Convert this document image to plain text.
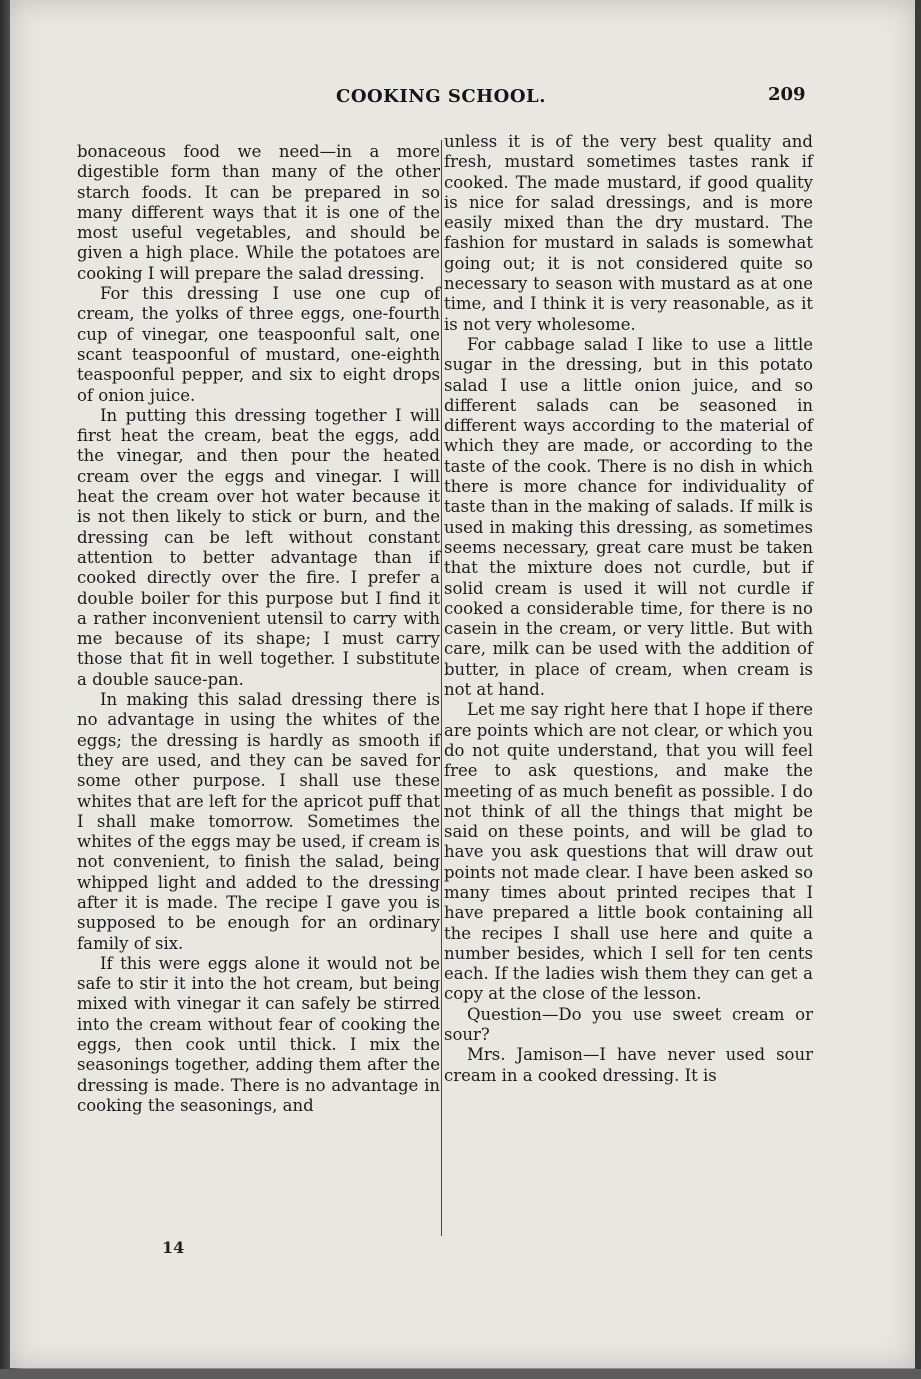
COOKING SCHOOL.	209

bonaceous food we need—in a more digestible form than many of the other starch foods. It can be prepared in so many different ways that it is one of the most useful vegetables, and should be given a high place. While the potatoes are cooking I will prepare the salad dressing.

For this dressing I use one cup of cream, the yolks of three eggs, one-fourth cup of vinegar, one teaspoonful salt, one scant teaspoonful of mustard, one-eighth teaspoonful pepper, and six to eight drops of onion juice.

In putting this dressing together I will first heat the cream, beat the eggs, add the vinegar, and then pour the heated cream over the eggs and vinegar. I will heat the cream over hot water because it is not then likely to stick or burn, and the dressing can be left without constant attention to better advantage than if cooked directly over the fire. I prefer a double boiler for this purpose but I find it a rather inconvenient utensil to carry with me because of its shape; I must carry those that fit in well together. I substitute a double sauce-pan.

In making this salad dressing there is no advantage in using the whites of the eggs; the dressing is hardly as smooth if they are used, and they can be saved for some other purpose. I shall use these whites that are left for the apricot puff that I shall make tomorrow. Sometimes the whites of the eggs may be used, if cream is not convenient, to finish the salad, being whipped light and added to the dressing after it is made. The recipe I gave you is supposed to be enough for an ordinary family of six.

If this were eggs alone it would not be safe to stir it into the hot cream, but being mixed with vinegar it can safely be stirred into the cream without fear of cooking the eggs, then cook until thick. I mix the seasonings together, adding them after the dressing is made. There is no advantage in cooking the seasonings, and

unless it is of the very best quality and fresh, mustard sometimes tastes rank if cooked. The made mustard, if good quality is nice for salad dressings, and is more easily mixed than the dry mustard. The fashion for mustard in salads is somewhat going out; it is not considered quite so necessary to season with mustard as at one time, and I think it is very reasonable, as it is not very wholesome.

For cabbage salad I like to use a little sugar in the dressing, but in this potato salad I use a little onion juice, and so different salads can be seasoned in different ways according to the material of which they are made, or according to the taste of the cook. There is no dish in which there is more chance for individuality of taste than in the making of salads. If milk is used in making this dressing, as sometimes seems necessary, great care must be taken that the mixture does not curdle, but if solid cream is used it will not curdle if cooked a considerable time, for there is no casein in the cream, or very little. But with care, milk can be used with the addition of butter, in place of cream, when cream is not at hand.

Let me say right here that I hope if there are points which are not clear, or which you do not quite understand, that you will feel free to ask questions, and make the meeting of as much benefit as possible. I do not think of all the things that might be said on these points, and will be glad to have you ask questions that will draw out points not made clear. I have been asked so many times about printed recipes that I have prepared a little book containing all the recipes I shall use here and quite a number besides, which I sell for ten cents each. If the ladies wish them they can get a copy at the close of the lesson.

Question—Do you use sweet cream or sour?

Mrs. Jamison—I have never used sour cream in a cooked dressing. It is

14
